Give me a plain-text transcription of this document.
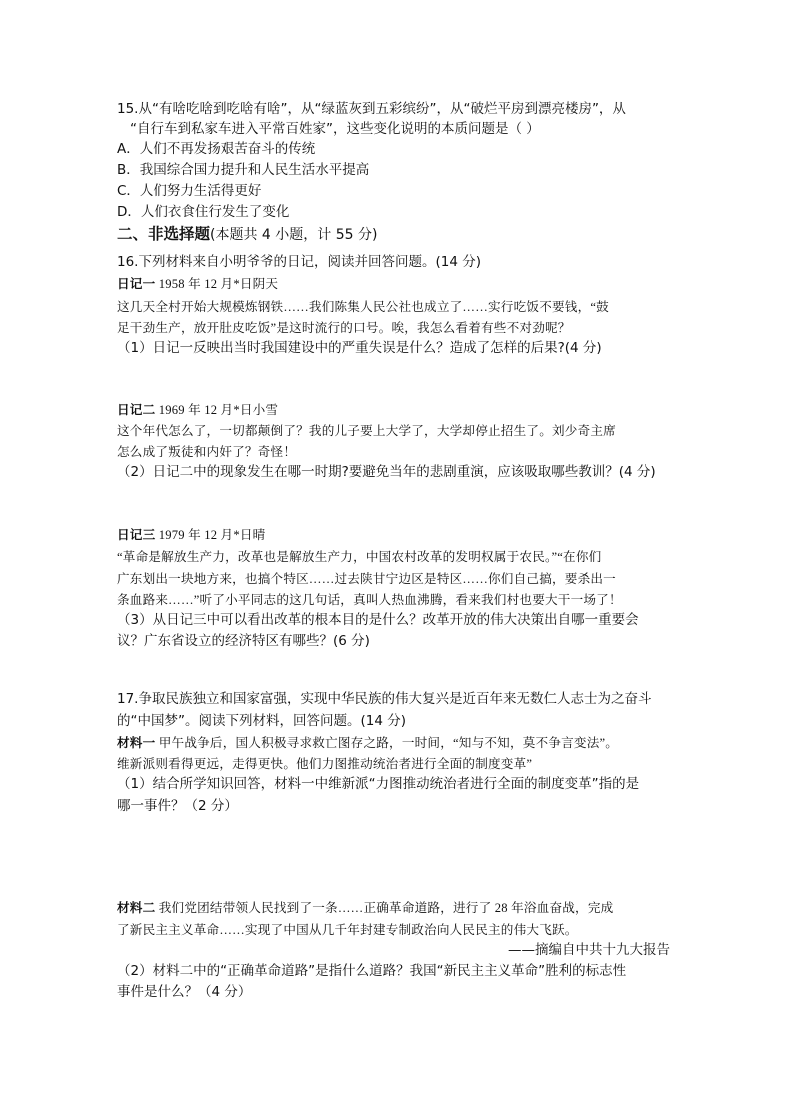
15.从“有啥吃啥到吃啥有啥”，从“绿蓝灰到五彩缤纷”，从“破烂平房到漂亮楼房”，从
“自行车到私家车进入平常百姓家”，这些变化说明的本质问题是（ ）
A．人们不再发扬艰苦奋斗的传统
B．我国综合国力提升和人民生活水平提高
C．人们努力生活得更好
D．人们衣食住行发生了变化
二、非选择题(本题共 4 小题，计 55 分)
16.下列材料来自小明爷爷的日记，阅读并回答问题。(14 分)
日记一 1958 年 12 月*日阴天
这几天全村开始大规模炼钢铁……我们陈集人民公社也成立了……实行吃饭不要钱，“鼓
足干劲生产，放开肚皮吃饭”是这时流行的口号。唉，我怎么看着有些不对劲呢？
（1）日记一反映出当时我国建设中的严重失误是什么？造成了怎样的后果?(4 分)
日记二 1969 年 12 月*日小雪
这个年代怎么了，一切都颠倒了？我的儿子要上大学了，大学却停止招生了。刘少奇主席
怎么成了叛徒和内奸了？奇怪！
（2）日记二中的现象发生在哪一时期?要避免当年的悲剧重演，应该吸取哪些教训？(4 分)
日记三 1979 年 12 月*日晴
“革命是解放生产力，改革也是解放生产力，中国农村改革的发明权属于农民。”“在你们
广东划出一块地方来，也搞个特区……过去陕甘宁边区是特区……你们自己搞，要杀出一
条血路来……”听了小平同志的这几句话，真叫人热血沸腾，看来我们村也要大干一场了！
（3）从日记三中可以看出改革的根本目的是什么？改革开放的伟大决策出自哪一重要会
议？广东省设立的经济特区有哪些？(6 分)
17.争取民族独立和国家富强，实现中华民族的伟大复兴是近百年来无数仁人志士为之奋斗
的“中国梦”。阅读下列材料，回答问题。(14 分)
材料一 甲午战争后，国人积极寻求救亡图存之路，一时间，“知与不知，莫不争言变法”。
维新派则看得更远，走得更快。他们力图推动统治者进行全面的制度变革”
（1）结合所学知识回答，材料一中维新派“力图推动统治者进行全面的制度变革”指的是
哪一事件？（2 分）
材料二 我们党团结带领人民找到了一条……正确革命道路，进行了 28 年浴血奋战，完成
了新民主主义革命……实现了中国从几千年封建专制政治向人民民主的伟大飞跃。
——摘编自中共十九大报告
（2）材料二中的“正确革命道路”是指什么道路？我国“新民主主义革命”胜利的标志性
事件是什么？（4 分）
